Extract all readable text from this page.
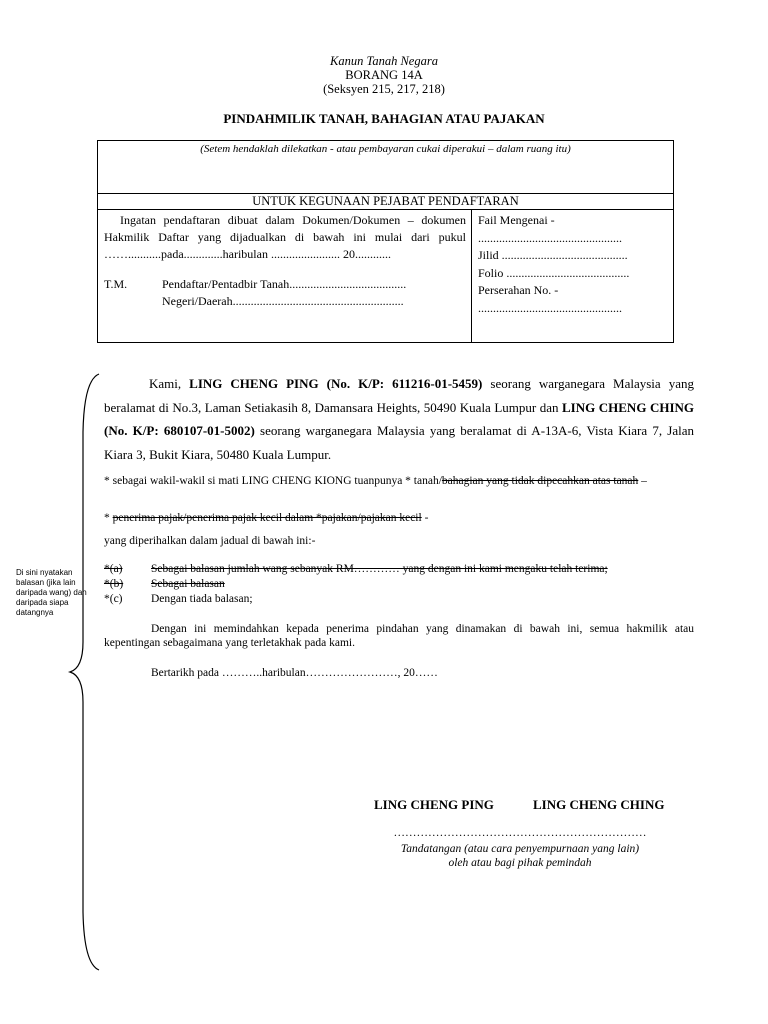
Kanun Tanah Negara
BORANG 14A
(Seksyen 215, 217, 218)
PINDAHMILIK TANAH, BAHAGIAN ATAU PAJAKAN
(Setem hendaklah dilekatkan - atau pembayaran cukai diperakui – dalam ruang itu)
UNTUK KEGUNAAN PEJABAT PENDAFTARAN
Ingatan pendaftaran dibuat dalam Dokumen/Dokumen – dokumen Hakmilik Daftar yang dijadualkan di bawah ini mulai dari pukul ……...........pada.............haribulan ....................... 20............
T.M.	Pendaftar/Pentadbir Tanah.......................................
Negeri/Daerah.........................................................
Fail Mengenai -
................................................
Jilid ..........................................
Folio .........................................
Perserahan No. -
................................................
Di sini nyatakan balasan (jika lain daripada wang) dan daripada siapa datangnya
Kami, LING CHENG PING (No. K/P: 611216-01-5459) seorang warganegara Malaysia yang beralamat di No.3, Laman Setiakasih 8, Damansara Heights, 50490 Kuala Lumpur dan LING CHENG CHING (No. K/P: 680107-01-5002) seorang warganegara Malaysia yang beralamat di A-13A-6, Vista Kiara 7, Jalan Kiara 3, Bukit Kiara, 50480 Kuala Lumpur.
* sebagai wakil-wakil si mati LING CHENG KIONG tuanpunya * tanah/bahagian yang tidak dipecahkan atas tanah –
* penerima pajak/penerima pajak kecil dalam *pajakan/pajakan kecil -
yang diperihalkan dalam jadual di bawah ini:-
*(a) Sebagai balasan jumlah wang sebanyak RM………… yang dengan ini kami mengaku telah terima;
*(b) Sebagai balasan
*(c) Dengan tiada balasan;
Dengan ini memindahkan kepada penerima pindahan yang dinamakan di bawah ini, semua hakmilik atau kepentingan sebagaimana yang terletakhak pada kami.
Bertarikh pada ………..haribulan……………………, 20……
LING CHENG PING	LING CHENG CHING
…………………………………………………………
Tandatangan (atau cara penyempurnaan yang lain)
oleh atau bagi pihak pemindah
